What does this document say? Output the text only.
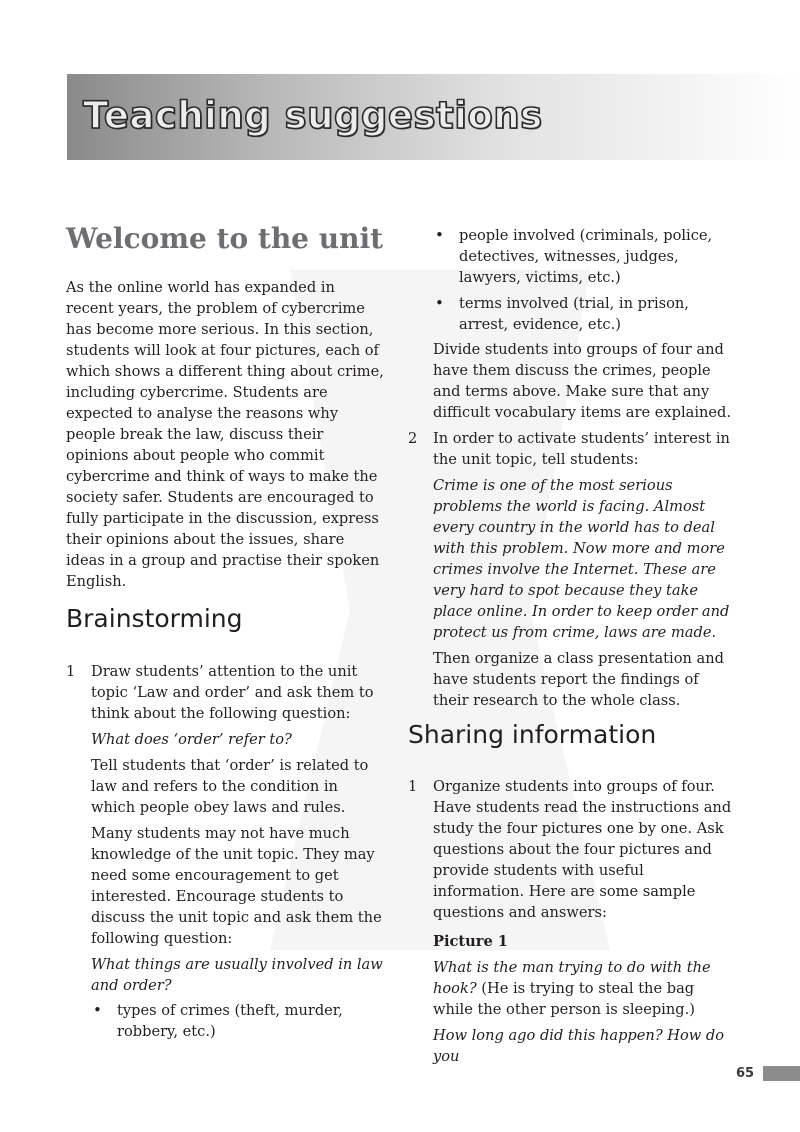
Teaching suggestions
Welcome to the unit

As the online world has expanded in recent years, the problem of cybercrime has become more serious. In this section, students will look at four pictures, each of which shows a different thing about crime, including cybercrime. Students are expected to analyse the reasons why people break the law, discuss their opinions about people who commit cybercrime and think of ways to make the society safer. Students are encouraged to fully participate in the discussion, express their opinions about the issues, share ideas in a group and practise their spoken English.

Brainstorming
1 Draw students’ attention to the unit topic ‘Law and order’ and ask them to think about the following question:

What does ‘order’ refer to?

Tell students that ‘order’ is related to law and refers to the condition in which people obey laws and rules.

Many students may not have much knowledge of the unit topic. They may need some encouragement to get interested. Encourage students to discuss the unit topic and ask them the following question:

What things are usually involved in law and order?

• types of crimes (theft, murder, robbery, etc.)

• people involved (criminals, police, detectives, witnesses, judges, lawyers, victims, etc.)

• terms involved (trial, in prison, arrest, evidence, etc.)

Divide students into groups of four and have them discuss the crimes, people and terms above. Make sure that any difficult vocabulary items are explained.

2 In order to activate students’ interest in the unit topic, tell students:

Crime is one of the most serious problems the world is facing. Almost every country in the world has to deal with this problem. Now more and more crimes involve the Internet. These are very hard to spot because they take place online. In order to keep order and protect us from crime, laws are made.

Then organize a class presentation and have students report the findings of their research to the whole class.

Sharing information
1 Organize students into groups of four. Have students read the instructions and study the four pictures one by one. Ask questions about the four pictures and provide students with useful information. Here are some sample questions and answers:

Picture 1

What is the man trying to do with the hook? (He is trying to steal the bag while the other person is sleeping.)

How long ago did this happen? How do you

65
